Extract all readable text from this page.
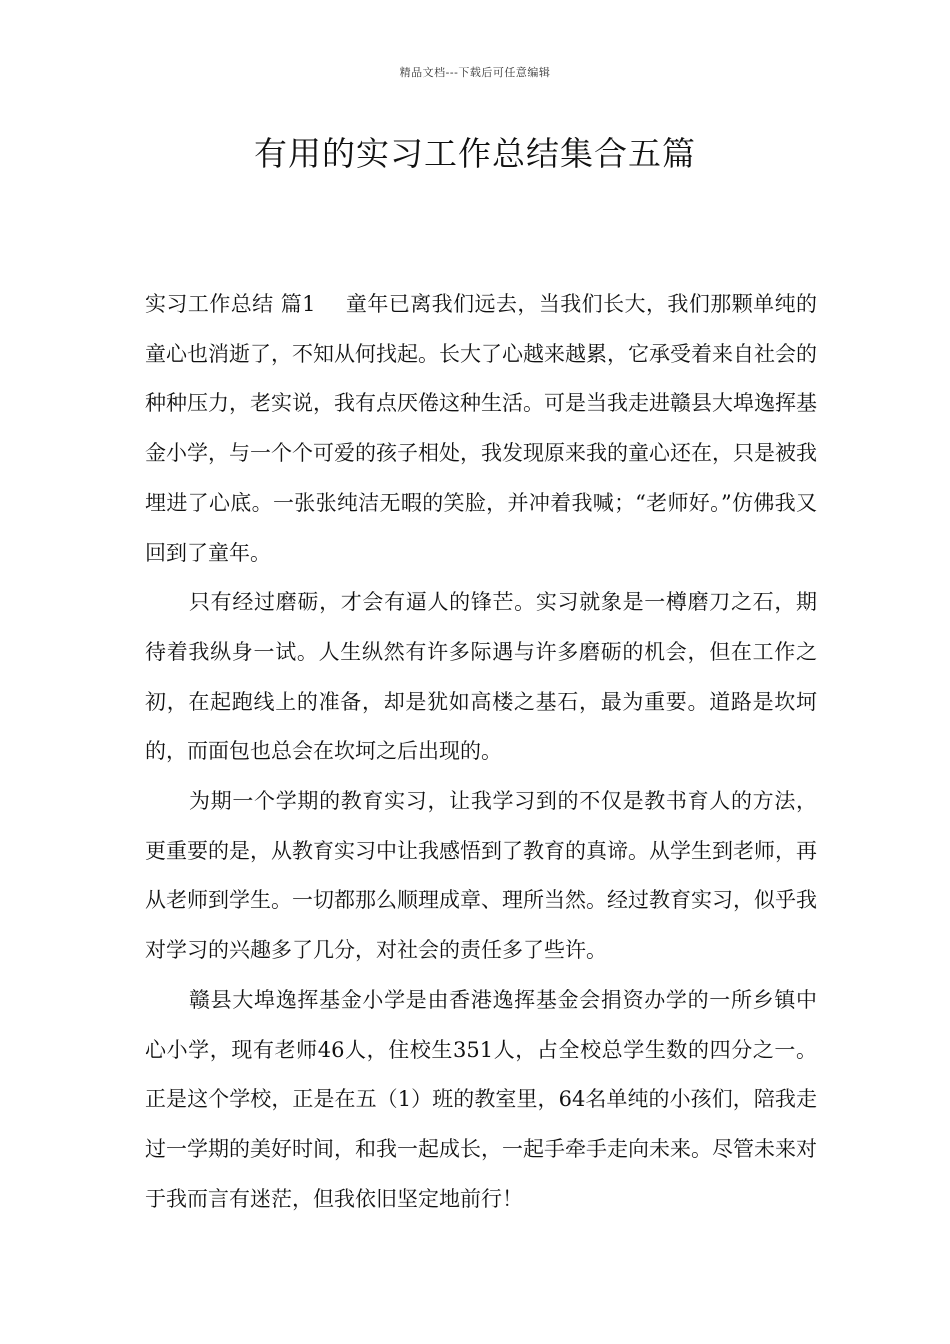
精品文档---下载后可任意编辑
有用的实习工作总结集合五篇

实习工作总结 篇1 童年已离我们远去，当我们长大，我们那颗单纯的童心也消逝了，不知从何找起。长大了心越来越累，它承受着来自社会的种种压力，老实说，我有点厌倦这种生活。可是当我走进赣县大埠逸挥基金小学，与一个个可爱的孩子相处，我发现原来我的童心还在，只是被我埋进了心底。一张张纯洁无暇的笑脸，并冲着我喊；“老师好。”仿佛我又回到了童年。

只有经过磨砺，才会有逼人的锋芒。实习就象是一樽磨刀之石，期待着我纵身一试。人生纵然有许多际遇与许多磨砺的机会，但在工作之初，在起跑线上的准备，却是犹如高楼之基石，最为重要。道路是坎坷的，而面包也总会在坎坷之后出现的。

为期一个学期的教育实习，让我学习到的不仅是教书育人的方法，更重要的是，从教育实习中让我感悟到了教育的真谛。从学生到老师，再从老师到学生。一切都那么顺理成章、理所当然。经过教育实习，似乎我对学习的兴趣多了几分，对社会的责任多了些许。

赣县大埠逸挥基金小学是由香港逸挥基金会捐资办学的一所乡镇中心小学，现有老师46人，住校生351人，占全校总学生数的四分之一。正是这个学校，正是在五（1）班的教室里，64名单纯的小孩们，陪我走过一学期的美好时间，和我一起成长，一起手牵手走向未来。尽管未来对于我而言有迷茫，但我依旧坚定地前行！
